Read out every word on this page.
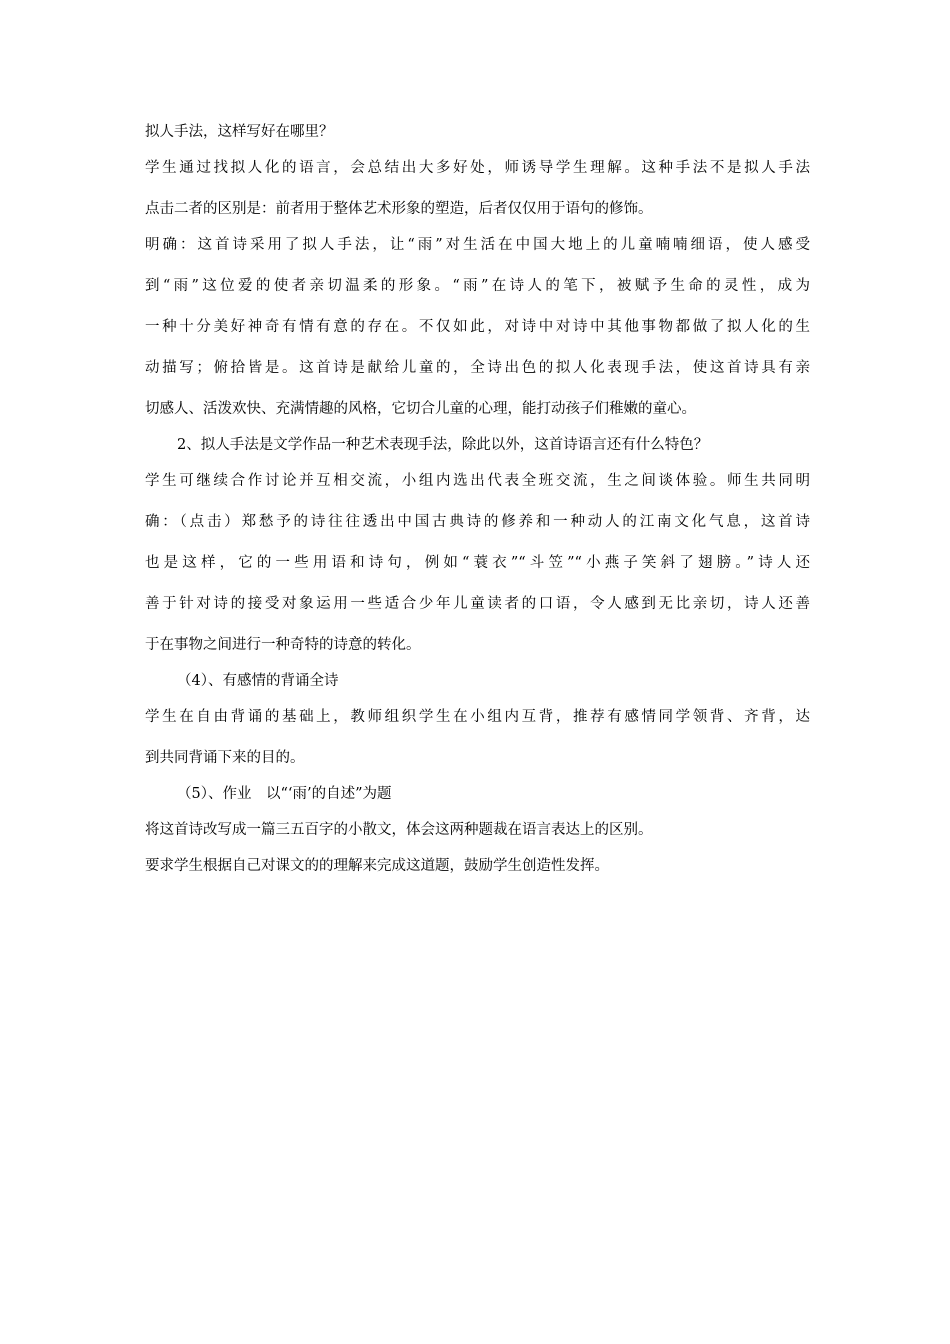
拟人手法，这样写好在哪里？
学生通过找拟人化的语言，会总结出大多好处，师诱导学生理解。这种手法不是拟人手法
点击二者的区别是：前者用于整体艺术形象的塑造，后者仅仅用于语句的修饰。
明确：这首诗采用了拟人手法，让“雨”对生活在中国大地上的儿童喃喃细语，使人感受
到“雨”这位爱的使者亲切温柔的形象。“雨”在诗人的笔下，被赋予生命的灵性，成为
一种十分美好神奇有情有意的存在。不仅如此，对诗中对诗中其他事物都做了拟人化的生
动描写；俯拾皆是。这首诗是献给儿童的，全诗出色的拟人化表现手法，使这首诗具有亲
切感人、活泼欢快、充满情趣的风格，它切合儿童的心理，能打动孩子们稚嫩的童心。
2、拟人手法是文学作品一种艺术表现手法，除此以外，这首诗语言还有什么特色？
学生可继续合作讨论并互相交流，小组内选出代表全班交流，生之间谈体验。师生共同明
确：（点击）郑愁予的诗往往透出中国古典诗的修养和一种动人的江南文化气息，这首诗
也是这样，它的一些用语和诗句，例如“蓑衣”“斗笠”“小燕子笑斜了翅膀。”诗人还
善于针对诗的接受对象运用一些适合少年儿童读者的口语，令人感到无比亲切，诗人还善
于在事物之间进行一种奇特的诗意的转化。
（4）、有感情的背诵全诗
学生在自由背诵的基础上，教师组织学生在小组内互背，推荐有感情同学领背、齐背，达
到共同背诵下来的目的。
（5）、作业　以“‘雨’的自述”为题
将这首诗改写成一篇三五百字的小散文，体会这两种题裁在语言表达上的区别。
要求学生根据自己对课文的的理解来完成这道题，鼓励学生创造性发挥。
